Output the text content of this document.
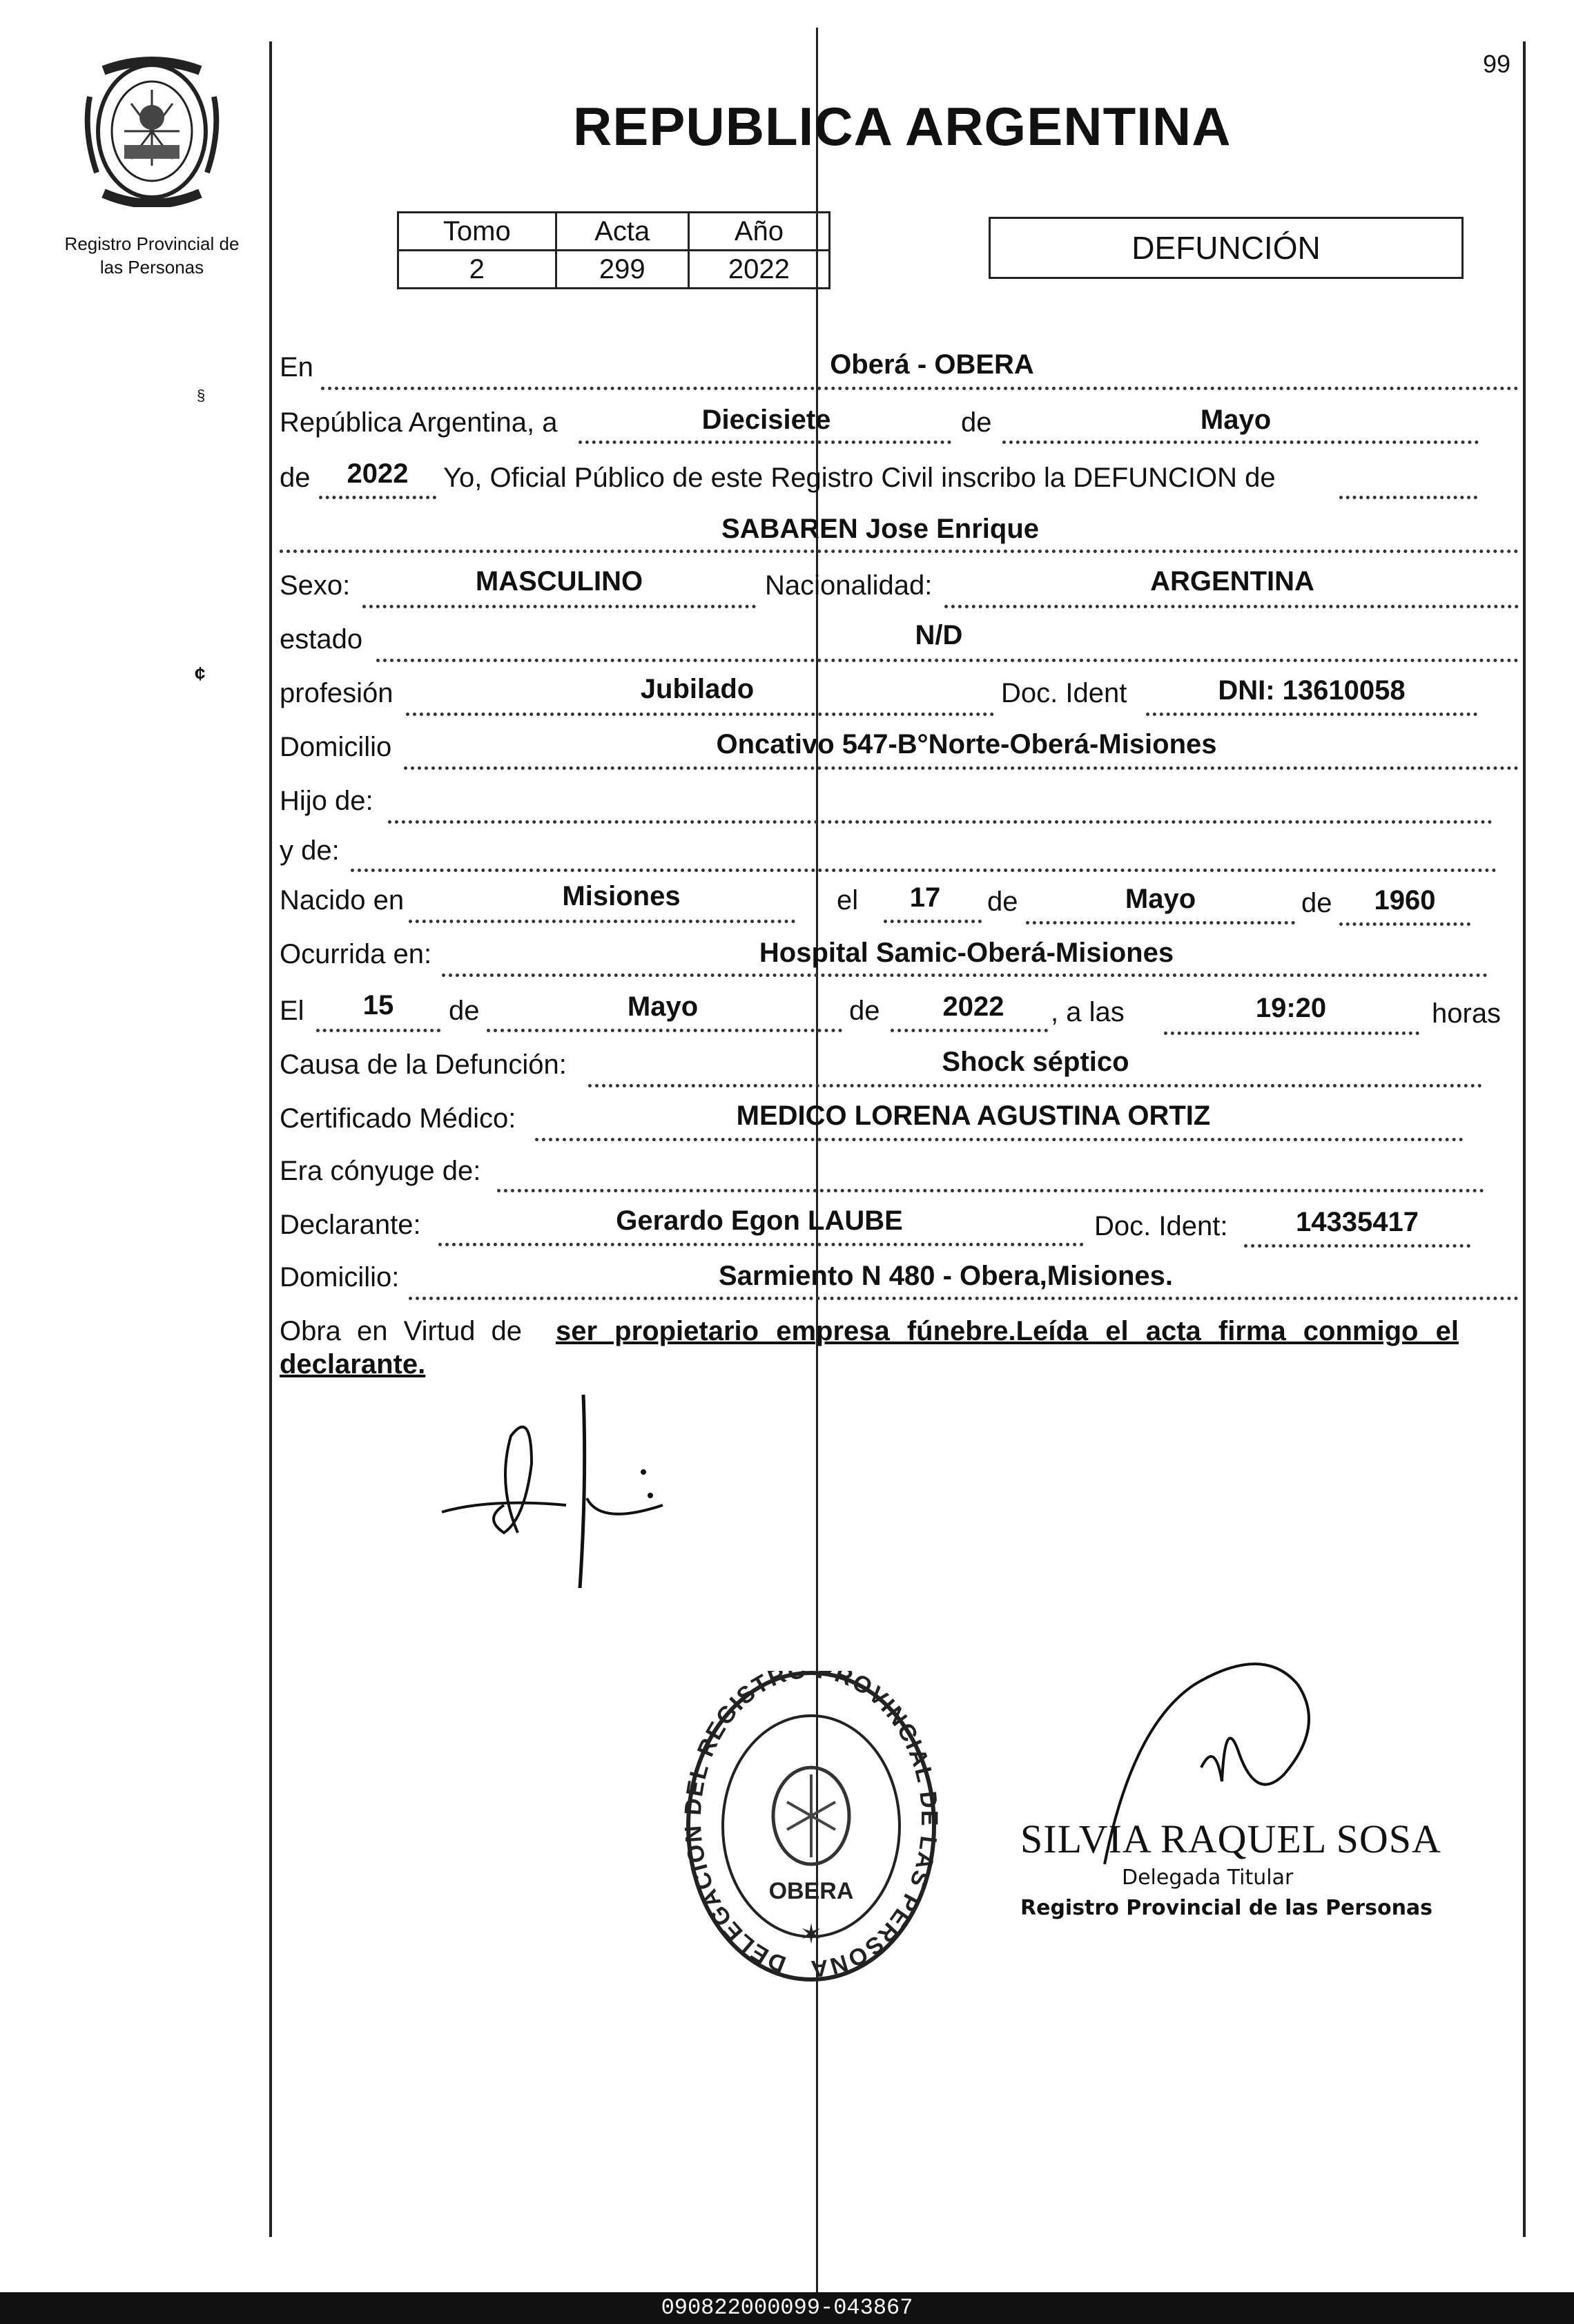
99
Registro Provincial de
las Personas
§
¢
REPUBLICA ARGENTINA
Tomo	Acta	Año
2	299	2022
DEFUNCIÓN
En	Oberá - OBERA
República Argentina, a	Diecisiete	de	Mayo
de	2022	Yo, Oficial Público de este Registro Civil inscribo la DEFUNCION de
SABAREN Jose Enrique
Sexo:	MASCULINO	Nacionalidad:	ARGENTINA
estado	N/D
profesión	Jubilado	Doc. Ident	DNI: 13610058
Domicilio	Oncativo 547-B°Norte-Oberá-Misiones
Hijo de:
y de:
Nacido en	Misiones	el	17	de	Mayo	de	1960
Ocurrida en:	Hospital Samic-Oberá-Misiones
El	15	de	Mayo	de	2022	, a las	19:20	horas
Causa de la Defunción:	Shock séptico
Certificado Médico:	MEDICO LORENA AGUSTINA ORTIZ
Era cónyuge de:
Declarante:	Gerardo Egon LAUBE	Doc. Ident:	14335417
Domicilio:	Sarmiento N 480 - Obera,Misiones.
Obra en Virtud de ser propietario empresa fúnebre.Leída el acta firma conmigo el
declarante.
DELEGACIO EL REGISTRO PROVINCIAL LAS PERSONA
OBERA
✶
SILVIA RAQUEL SOSA
Delegada Titular
Registro Provincial de las Personas
090822000099-043867
